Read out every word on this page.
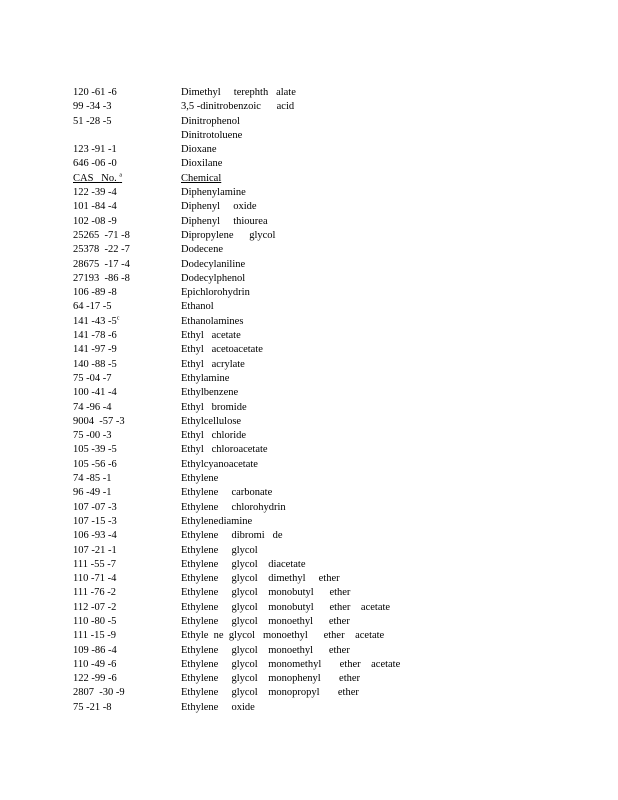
120 -61 -6	Dimethyl     terephth   alate
99 -34 -3	3,5 -dinitrobenzoic      acid
51 -28 -5	Dinitrophenol
Dinitrotoluene
123 -91 -1	Dioxane
646 -06 -0	Dioxilane
CAS   No. $^a$	Chemical
122 -39 -4	Diphenylamine
101 -84 -4	Diphenyl     oxide
102 -08 -9	Diphenyl     thiourea
25265  -71 -8	Dipropylene      glycol
25378  -22 -7	Dodecene
28675  -17 -4	Dodecylaniline
27193  -86 -8	Dodecylphenol
106 -89 -8	Epichlorohydrin
64 -17 -5	Ethanol
141 -43 -5$^c$	Ethanolamines
141 -78 -6	Ethyl   acetate
141 -97 -9	Ethyl   acetoacetate
140 -88 -5	Ethyl   acrylate
75 -04 -7	Ethylamine
100 -41 -4	Ethylbenzene
74 -96 -4	Ethyl   bromide
9004  -57 -3	Ethylcellulose
75 -00 -3	Ethyl   chloride
105 -39 -5	Ethyl   chloroacetate
105 -56 -6	Ethylcyanoacetate
74 -85 -1	Ethylene
96 -49 -1	Ethylene     carbonate
107 -07 -3	Ethylene     chlorohydrin
107 -15 -3	Ethylenediamine
106 -93 -4	Ethylene     dibromi   de
107 -21 -1	Ethylene     glycol
111 -55 -7	Ethylene     glycol    diacetate
110 -71 -4	Ethylene     glycol    dimethyl     ether
111 -76 -2	Ethylene     glycol    monobutyl      ether
112 -07 -2	Ethylene     glycol    monobutyl      ether    acetate
110 -80 -5	Ethylene     glycol    monoethyl      ether
111 -15 -9	Ethyle  ne  glycol   monoethyl      ether    acetate
109 -86 -4	Ethylene     glycol    monoethyl      ether
110 -49 -6	Ethylene     glycol    monomethyl       ether    acetate
122 -99 -6	Ethylene     glycol    monophenyl       ether
2807  -30 -9	Ethylene     glycol    monopropyl       ether
75 -21 -8	Ethylene     oxide
